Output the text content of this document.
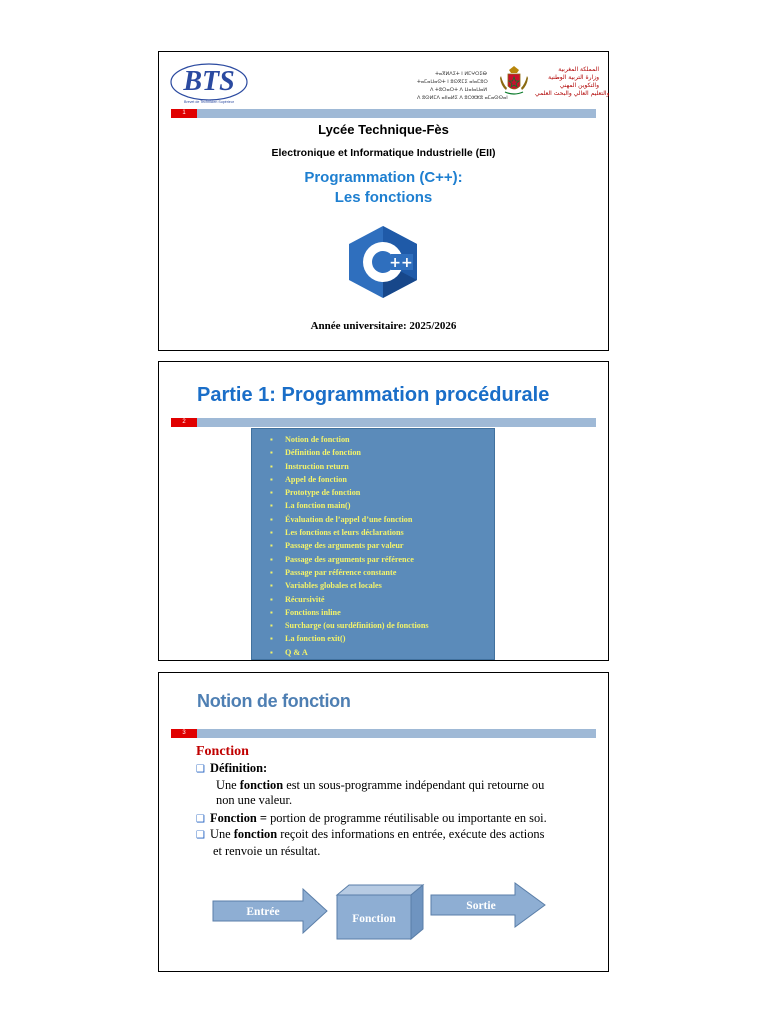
BTS
Brevet de Technicien Supérieur
ⵜⴰⴳⵍⴷⵉⵜ ⵏ ⵍⵎⵖⵔⵉⴱ
ⵜⴰⵎⴰⵡⴰⵙⵜ ⵏ ⵓⵙⴳⵎⵉ ⴰⵏⴰⵎⵓⵔ
ⴷ ⵜⵓⵔⴰⵔⵜ ⴷ ⵡⴰⵏⴰⵡⴰⵍ
ⴷ ⵓⵙⵍⵎⴷ ⴰⵏⵏⴰⵍⵉ ⴷ ⵓⵔⵣⵣⵓ ⴰⵎⴰⵙⵙⴰⵏ
المملكة المغربية
وزارة التربية الوطنية
والتكوين المهني
والتعليم العالي والبحث العلمي
1
Lycée Technique-Fès
Electronique et Informatique Industrielle (EII)
Programmation (C++):
Les fonctions
++
Année universitaire: 2025/2026
Partie 1: Programmation procédurale
2
▪ Notion de fonction
▪ Définition de fonction
▪ Instruction return
▪ Appel de fonction
▪ Prototype de fonction
▪ La fonction main()
▪ Évaluation de l’appel d’une fonction
▪ Les fonctions et leurs déclarations
▪ Passage des arguments par valeur
▪ Passage des arguments par référence
▪ Passage par référence constante
▪ Variables globales et locales
▪ Récursivité
▪ Fonctions inline
▪ Surcharge (ou surdéfinition) de fonctions
▪ La fonction exit()
▪ Q & A
Notion de fonction
3
Fonction
❑ Définition:
Une fonction est un sous-programme indépendant qui retourne ou
non une valeur.
❑ Fonction = portion de programme réutilisable ou importante en soi.
❑ Une fonction reçoit des informations en entrée, exécute des actions
et renvoie un résultat.
Entrée
Fonction
Sortie
